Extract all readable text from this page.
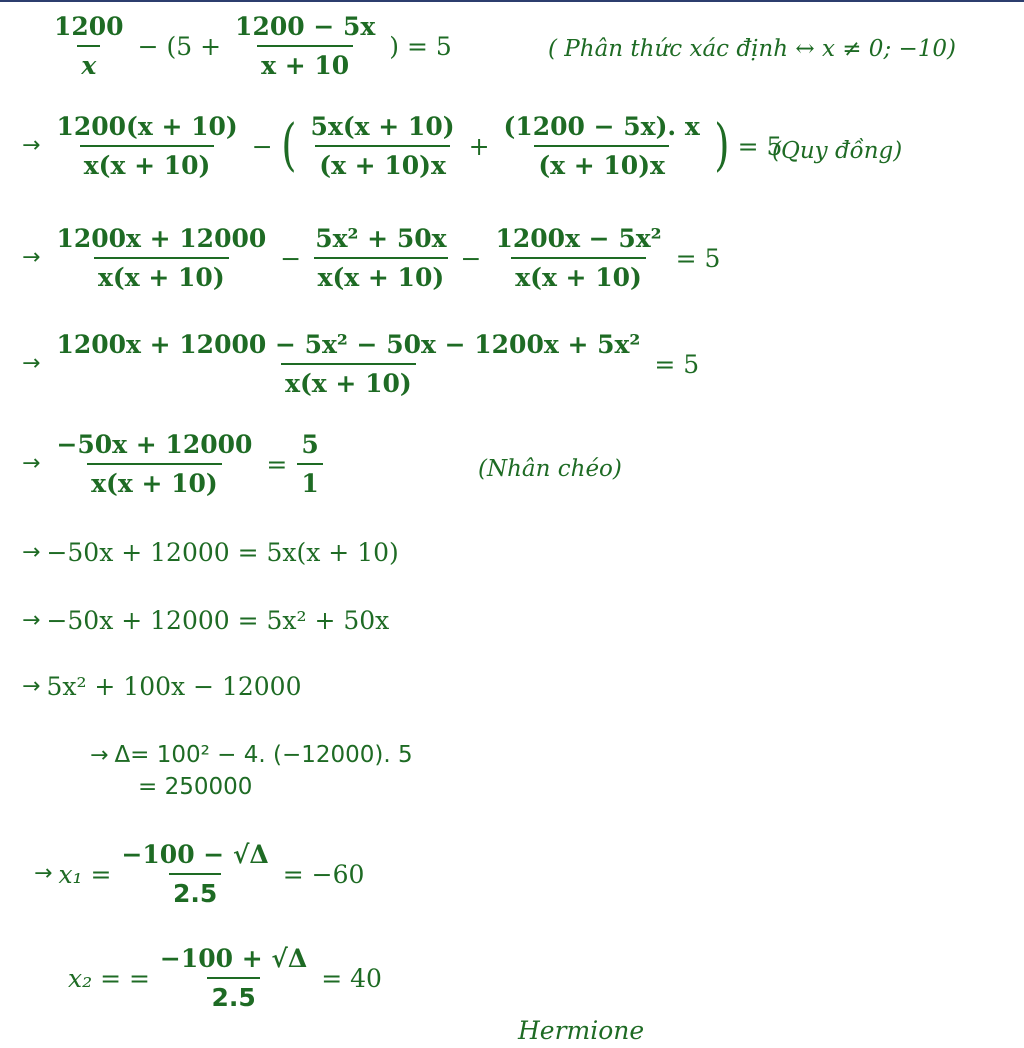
$\frac{1200}{x} - (5 + \frac{1200 - 5x}{x + 10}$ ) = 5	( Phân thức xác định ↔ x ≠ 0; −10)
→ $\frac{1200(x + 10)}{x(x + 10)}$ − ( $\frac{5x(x + 10)}{(x + 10)x} + \frac{(1200 - 5x). x}{(x + 10)x}$ ) = 5
(Quy đồng)
→ $\frac{1200x + 12000}{x(x + 10)} - \frac{\text{5x² + 50x}}{x(x + 10)} - \frac{\text{1200x − 5x²}}{x(x + 10)} = 5$
→ $\frac{\text{1200x + 12000 − 5x² − 50x − 1200x + 5x²}}{x(x + 10)} = 5$
→ $\frac{-50x + 12000}{x(x + 10)} = \frac{5}{1}$	(Nhân chéo)
→ −50x + 12000 = 5x(x + 10)
→ −50x + 12000 = 5x² + 50x
→ 5x² + 100x − 12000
→ Δ= 100² − 4. (−12000). 5
= 250000
→ $x_1 = \frac{-100 - √\Delta}{2.5} = -60$
x₂ = = $\frac{-100 + √\Delta}{2.5} = 40$
Hermione
